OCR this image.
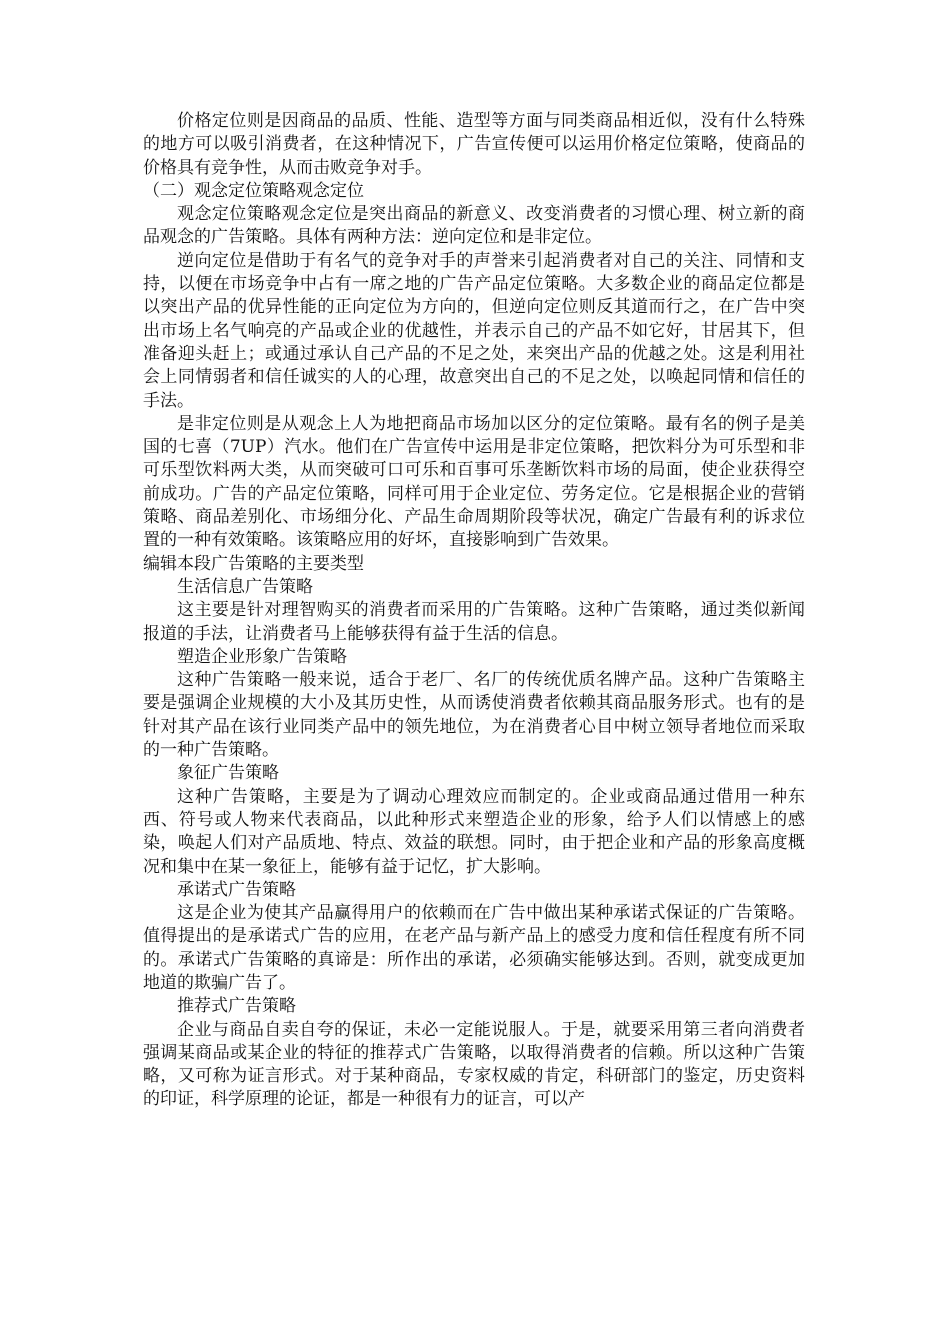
价格定位则是因商品的品质、性能、造型等方面与同类商品相近似，没有什么特殊的地方可以吸引消费者，在这种情况下，广告宣传便可以运用价格定位策略，使商品的价格具有竞争性，从而击败竞争对手。

（二）观念定位策略观念定位

观念定位策略观念定位是突出商品的新意义、改变消费者的习惯心理、树立新的商品观念的广告策略。具体有两种方法：逆向定位和是非定位。

逆向定位是借助于有名气的竞争对手的声誉来引起消费者对自己的关注、同情和支持，以便在市场竞争中占有一席之地的广告产品定位策略。大多数企业的商品定位都是以突出产品的优异性能的正向定位为方向的，但逆向定位则反其道而行之，在广告中突出市场上名气响亮的产品或企业的优越性，并表示自己的产品不如它好，甘居其下，但准备迎头赶上；或通过承认自己产品的不足之处，来突出产品的优越之处。这是利用社会上同情弱者和信任诚实的人的心理，故意突出自己的不足之处，以唤起同情和信任的手法。

是非定位则是从观念上人为地把商品市场加以区分的定位策略。最有名的例子是美国的七喜（7UP）汽水。他们在广告宣传中运用是非定位策略，把饮料分为可乐型和非可乐型饮料两大类，从而突破可口可乐和百事可乐垄断饮料市场的局面，使企业获得空前成功。广告的产品定位策略，同样可用于企业定位、劳务定位。它是根据企业的营销策略、商品差别化、市场细分化、产品生命周期阶段等状况，确定广告最有利的诉求位置的一种有效策略。该策略应用的好坏，直接影响到广告效果。

编辑本段广告策略的主要类型

生活信息广告策略

这主要是针对理智购买的消费者而采用的广告策略。这种广告策略，通过类似新闻报道的手法，让消费者马上能够获得有益于生活的信息。

塑造企业形象广告策略

这种广告策略一般来说，适合于老厂、名厂的传统优质名牌产品。这种广告策略主要是强调企业规模的大小及其历史性，从而诱使消费者依赖其商品服务形式。也有的是针对其产品在该行业同类产品中的领先地位，为在消费者心目中树立领导者地位而采取的一种广告策略。

象征广告策略

这种广告策略，主要是为了调动心理效应而制定的。企业或商品通过借用一种东西、符号或人物来代表商品，以此种形式来塑造企业的形象，给予人们以情感上的感染，唤起人们对产品质地、特点、效益的联想。同时，由于把企业和产品的形象高度概况和集中在某一象征上，能够有益于记忆，扩大影响。

承诺式广告策略

这是企业为使其产品赢得用户的依赖而在广告中做出某种承诺式保证的广告策略。值得提出的是承诺式广告的应用，在老产品与新产品上的感受力度和信任程度有所不同的。承诺式广告策略的真谛是：所作出的承诺，必须确实能够达到。否则，就变成更加地道的欺骗广告了。

推荐式广告策略

企业与商品自卖自夸的保证，未必一定能说服人。于是，就要采用第三者向消费者强调某商品或某企业的特征的推荐式广告策略，以取得消费者的信赖。所以这种广告策略，又可称为证言形式。对于某种商品，专家权威的肯定，科研部门的鉴定，历史资料的印证，科学原理的论证，都是一种很有力的证言，可以产
